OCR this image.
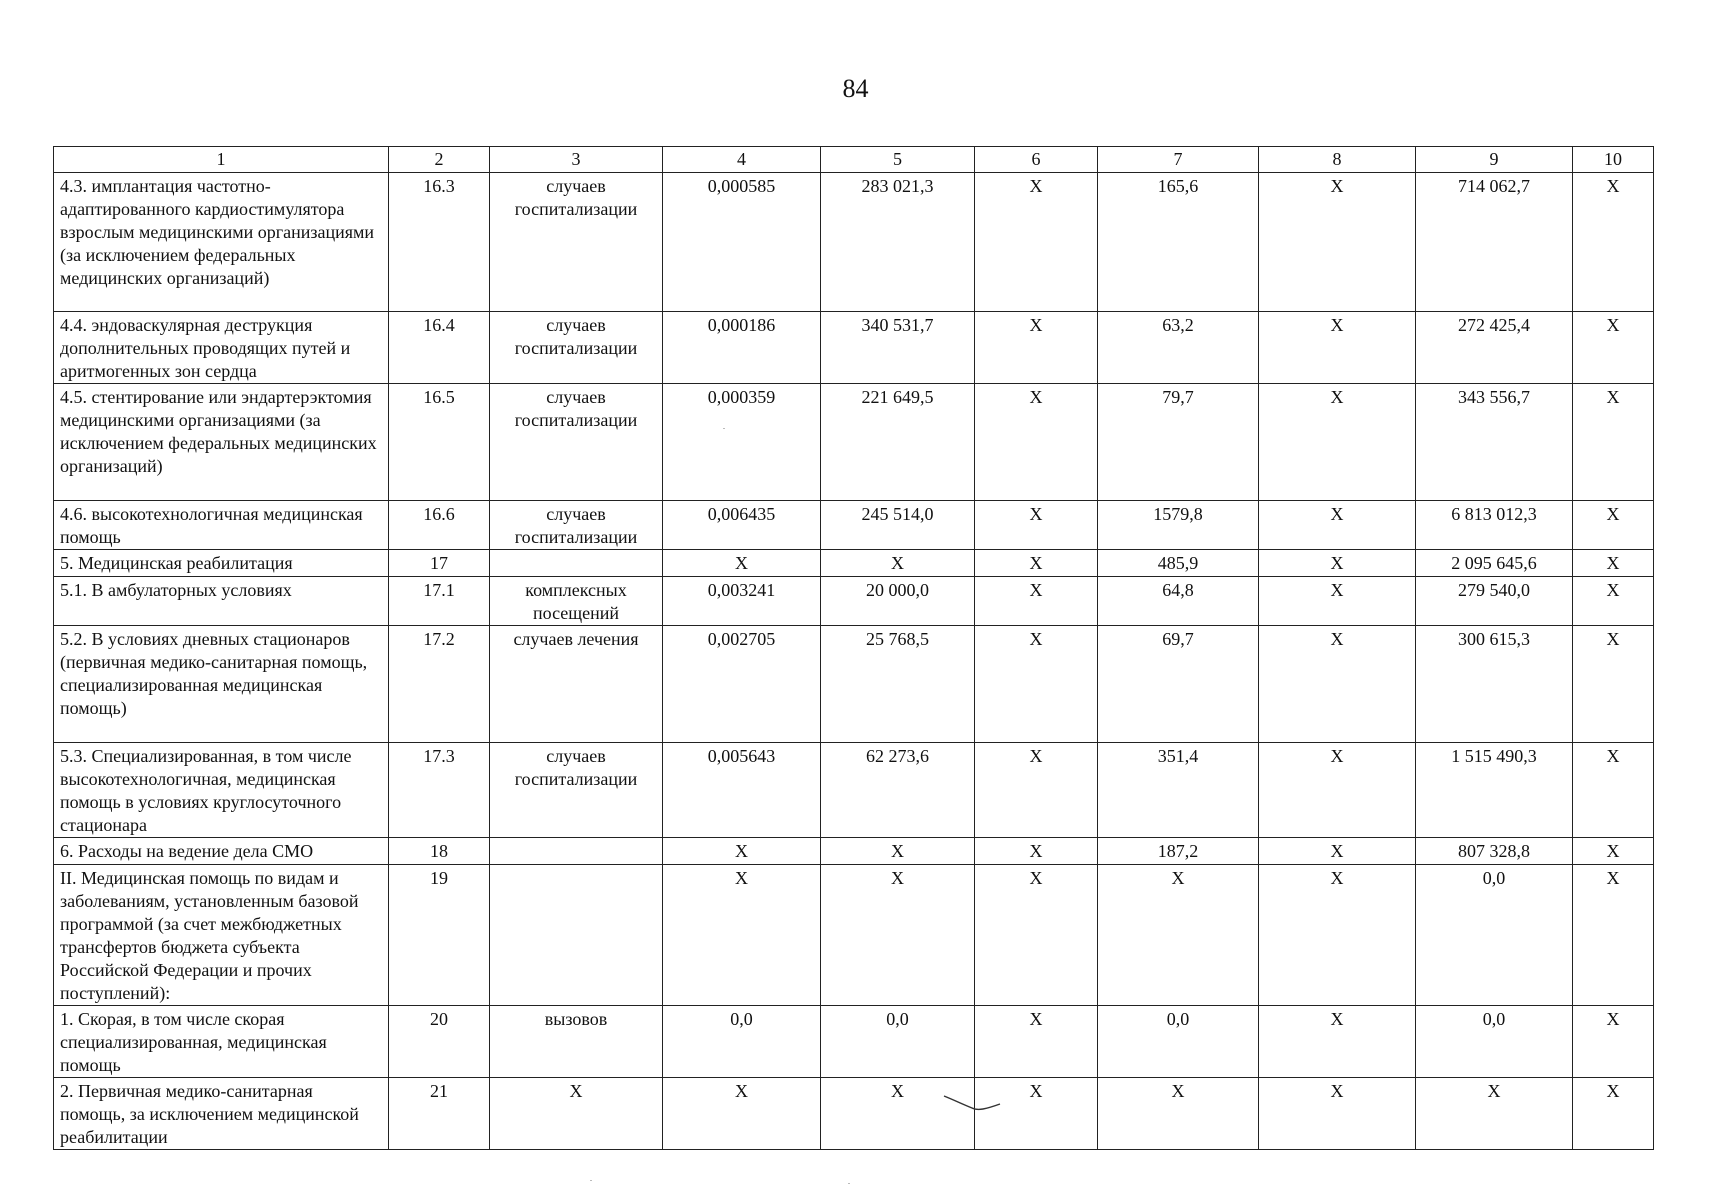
84
1	2	3	4	5	6	7	8	9	10
4.3. имплантация частотно-адаптированного кардиостимулятора взрослым медицинскими организациями (за исключением федеральных медицинских организаций)	16.3	случаев госпитализации	0,000585	283 021,3	Х	165,6	Х	714 062,7	Х
4.4. эндоваскулярная деструкция дополнительных проводящих путей и аритмогенных зон сердца	16.4	случаев госпитализации	0,000186	340 531,7	Х	63,2	Х	272 425,4	Х
4.5. стентирование или эндартерэктомия медицинскими организациями (за исключением федеральных медицинских организаций)	16.5	случаев госпитализации	0,000359	221 649,5	Х	79,7	Х	343 556,7	Х
4.6. высокотехнологичная медицинская помощь	16.6	случаев госпитализации	0,006435	245 514,0	Х	1579,8	Х	6 813 012,3	Х
5. Медицинская реабилитация	17		Х	Х	Х	485,9	Х	2 095 645,6	Х
5.1. В амбулаторных условиях	17.1	комплексных посещений	0,003241	20 000,0	Х	64,8	Х	279 540,0	Х
5.2. В условиях дневных стационаров (первичная медико-санитарная помощь, специализированная медицинская помощь)	17.2	случаев лечения	0,002705	25 768,5	Х	69,7	Х	300 615,3	Х
5.3. Специализированная, в том числе высокотехнологичная, медицинская помощь в условиях круглосуточного стационара	17.3	случаев госпитализации	0,005643	62 273,6	Х	351,4	Х	1 515 490,3	Х
6. Расходы на ведение дела СМО	18		Х	Х	Х	187,2	Х	807 328,8	Х
II. Медицинская помощь по видам и заболеваниям, установленным базовой программой (за счет межбюджетных трансфертов бюджета субъекта Российской Федерации и прочих поступлений):	19		Х	Х	Х	Х	Х	0,0	Х
1. Скорая, в том числе скорая специализированная, медицинская помощь	20	вызовов	0,0	0,0	Х	0,0	Х	0,0	Х
2. Первичная медико-санитарная помощь, за исключением медицинской реабилитации	21	Х	Х	Х	Х	Х	Х	Х	Х
